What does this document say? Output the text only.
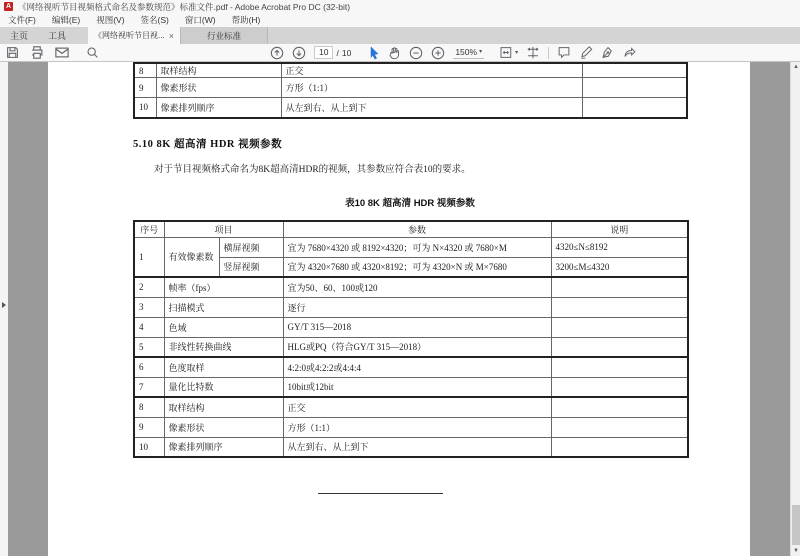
A 《网络视听节目视频格式命名及参数规范》标准文件.pdf - Adobe Acrobat Pro DC (32-bit)
文件(F) 编辑(E) 视图(V) 签名(S) 窗口(W) 帮助(H)
主页	工具	《网络视听节目视... ×	行业标准
10 / 10	150% ▾	▾
8	取样结构	正交	
9	像素形状	方形（1:1）	
10	像素排列顺序	从左到右、从上到下	
5.10 8K 超高清 HDR 视频参数
对于节目视频格式命名为8K超高清HDR的视频，其参数应符合表10的要求。
表10 8K 超高清 HDR 视频参数
序号	项目		参数	说明
1	有效像素数	横屏视频	宜为 7680×4320 或 8192×4320；可为 N×4320 或 7680×M	4320≤N≤8192
		竖屏视频	宜为 4320×7680 或 4320×8192；可为 4320×N 或 M×7680	3200≤M≤4320
2	帧率（fps）		宜为50、60、100或120	
3	扫描模式		逐行	
4	色域		GY/T 315—2018	
5	非线性转换曲线		HLG或PQ（符合GY/T 315—2018）	
6	色度取样		4:2:0或4:2:2或4:4:4	
7	量化比特数		10bit或12bit	
8	取样结构		正交	
9	像素形状		方形（1:1）	
10	像素排列顺序		从左到右、从上到下	
▲
▼
